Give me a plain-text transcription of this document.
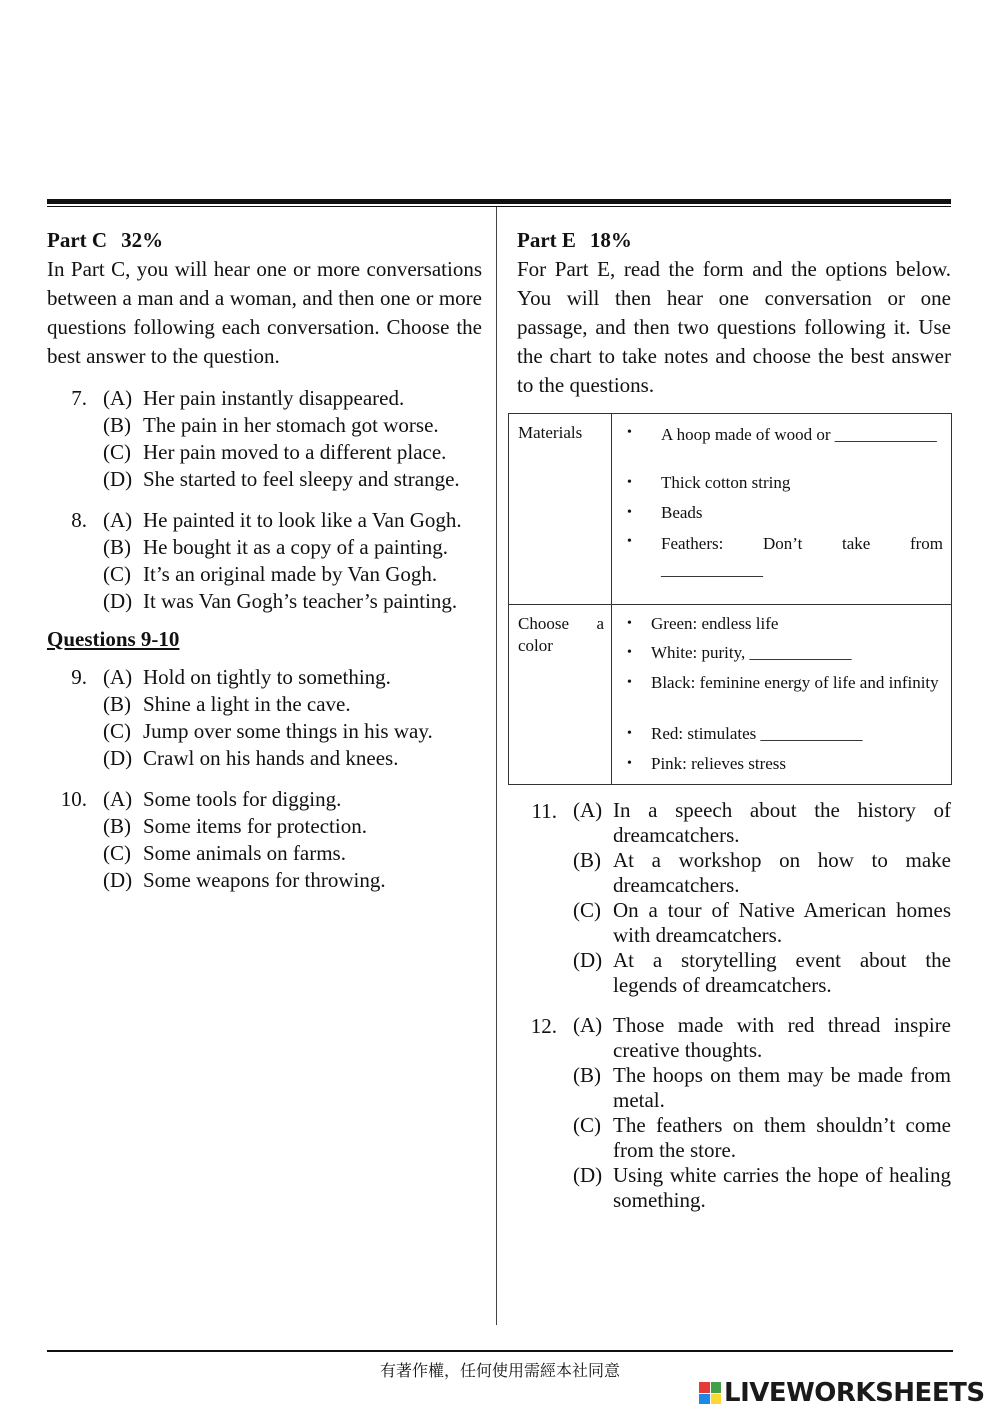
Part C 32%
In Part C, you will hear one or more conversations between a man and a woman, and then one or more questions following each conversation. Choose the best answer to the question.
7. (A) Her pain instantly disappeared.
(B) The pain in her stomach got worse.
(C) Her pain moved to a different place.
(D) She started to feel sleepy and strange.
8. (A) He painted it to look like a Van Gogh.
(B) He bought it as a copy of a painting.
(C) It’s an original made by Van Gogh.
(D) It was Van Gogh’s teacher’s painting.
Questions 9-10
9. (A) Hold on tightly to something.
(B) Shine a light in the cave.
(C) Jump over some things in his way.
(D) Crawl on his hands and knees.
10. (A) Some tools for digging.
(B) Some items for protection.
(C) Some animals on farms.
(D) Some weapons for throwing.
Part E 18%
For Part E, read the form and the options below. You will then hear one conversation or one passage, and then two questions following it. Use the chart to take notes and choose the best answer to the questions.
Materials	• A hoop made of wood or ____________
• Thick cotton string
• Beads
• Feathers: Don’t take from ____________
Choose a color
• Green: endless life
• White: purity, ____________
• Black: feminine energy of life and infinity
• Red: stimulates ____________
• Pink: relieves stress
11. (A) In a speech about the history of dreamcatchers.
(B) At a workshop on how to make dreamcatchers.
(C) On a tour of Native American homes with dreamcatchers.
(D) At a storytelling event about the legends of dreamcatchers.
12. (A) Those made with red thread inspire creative thoughts.
(B) The hoops on them may be made from metal.
(C) The feathers on them shouldn’t come from the store.
(D) Using white carries the hope of healing something.
有著作權，任何使用需經本社同意
LIVEWORKSHEETS
